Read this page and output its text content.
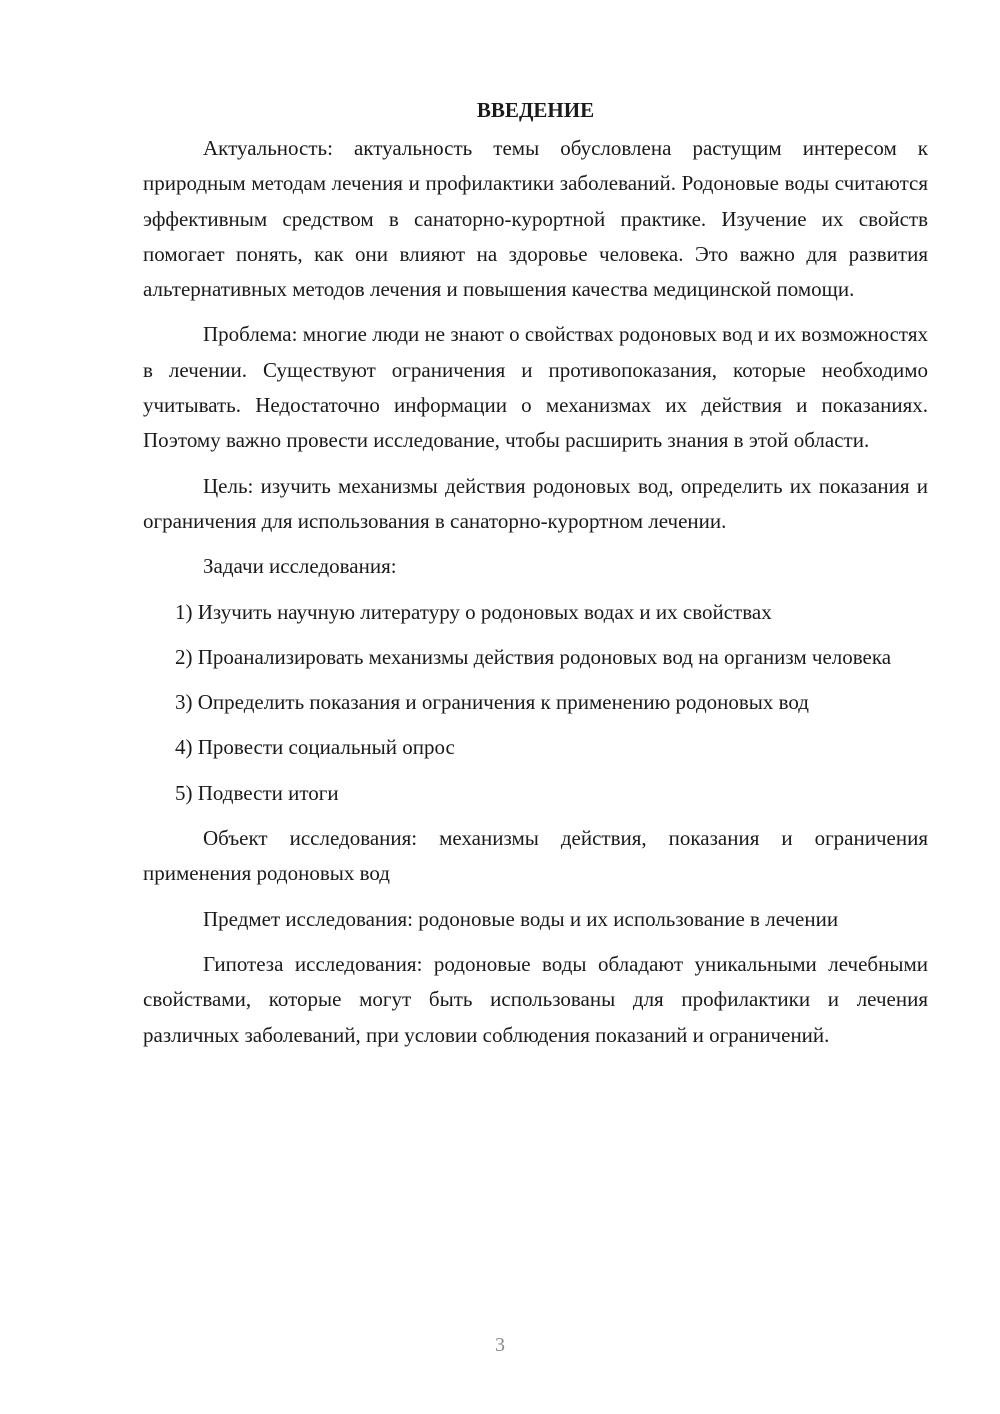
ВВЕДЕНИЕ

Актуальность: актуальность темы обусловлена растущим интересом к природным методам лечения и профилактики заболеваний. Родоновые воды считаются эффективным средством в санаторно-курортной практике. Изучение их свойств помогает понять, как они влияют на здоровье человека. Это важно для развития альтернативных методов лечения и повышения качества медицинской помощи.

Проблема: многие люди не знают о свойствах родоновых вод и их возможностях в лечении. Существуют ограничения и противопоказания, которые необходимо учитывать. Недостаточно информации о механизмах их действия и показаниях. Поэтому важно провести исследование, чтобы расширить знания в этой области.

Цель: изучить механизмы действия родоновых вод, определить их показания и ограничения для использования в санаторно-курортном лечении.

Задачи исследования:

1) Изучить научную литературу о родоновых водах и их свойствах

2) Проанализировать механизмы действия родоновых вод на организм человека

3) Определить показания и ограничения к применению родоновых вод

4) Провести социальный опрос

5) Подвести итоги

Объект исследования: механизмы действия, показания и ограничения применения родоновых вод

Предмет исследования: родоновые воды и их использование в лечении

Гипотеза исследования: родоновые воды обладают уникальными лечебными свойствами, которые могут быть использованы для профилактики и лечения различных заболеваний, при условии соблюдения показаний и ограничений.

3
